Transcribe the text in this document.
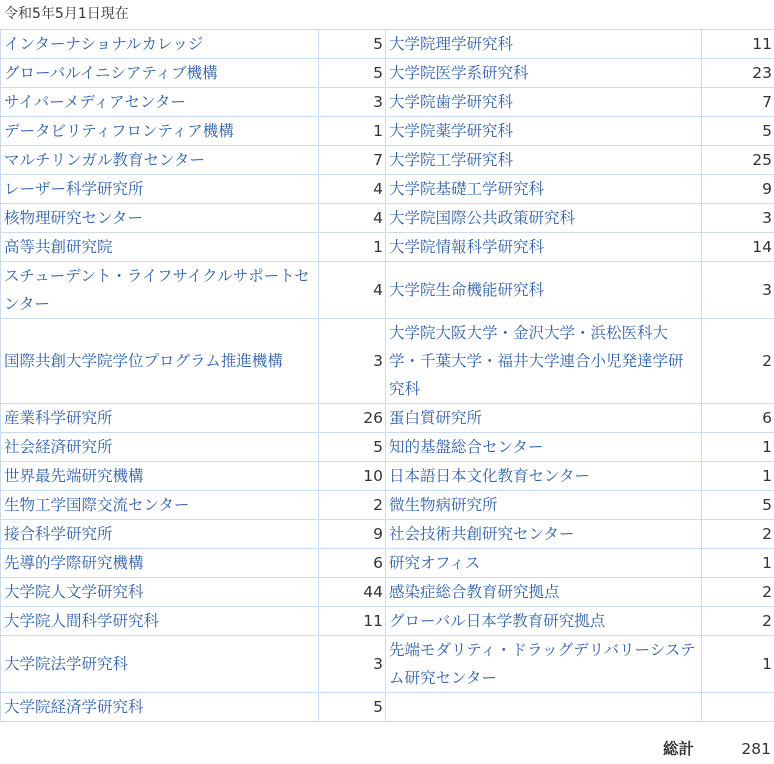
令和5年5月1日現在
インターナショナルカレッジ	5	大学院理学研究科	11
グローバルイニシアティブ機構	5	大学院医学系研究科	23
サイバーメディアセンター	3	大学院歯学研究科	7
データビリティフロンティア機構	1	大学院薬学研究科	5
マルチリンガル教育センター	7	大学院工学研究科	25
レーザー科学研究所	4	大学院基礎工学研究科	9
核物理研究センター	4	大学院国際公共政策研究科	3
高等共創研究院	1	大学院情報科学研究科	14
スチューデント・ライフサイクルサポートセンター	4	大学院生命機能研究科	3
国際共創大学院学位プログラム推進機構	3	大学院大阪大学・金沢大学・浜松医科大学・千葉大学・福井大学連合小児発達学研究科	2
産業科学研究所	26	蛋白質研究所	6
社会経済研究所	5	知的基盤総合センター	1
世界最先端研究機構	10	日本語日本文化教育センター	1
生物工学国際交流センター	2	微生物病研究所	5
接合科学研究所	9	社会技術共創研究センター	2
先導的学際研究機構	6	研究オフィス	1
大学院人文学研究科	44	感染症総合教育研究拠点	2
大学院人間科学研究科	11	グローバル日本学教育研究拠点	2
大学院法学研究科	3	先端モダリティ・ドラッグデリバリーシステム研究センター	1
大学院経済学研究科	5		
総計	281
